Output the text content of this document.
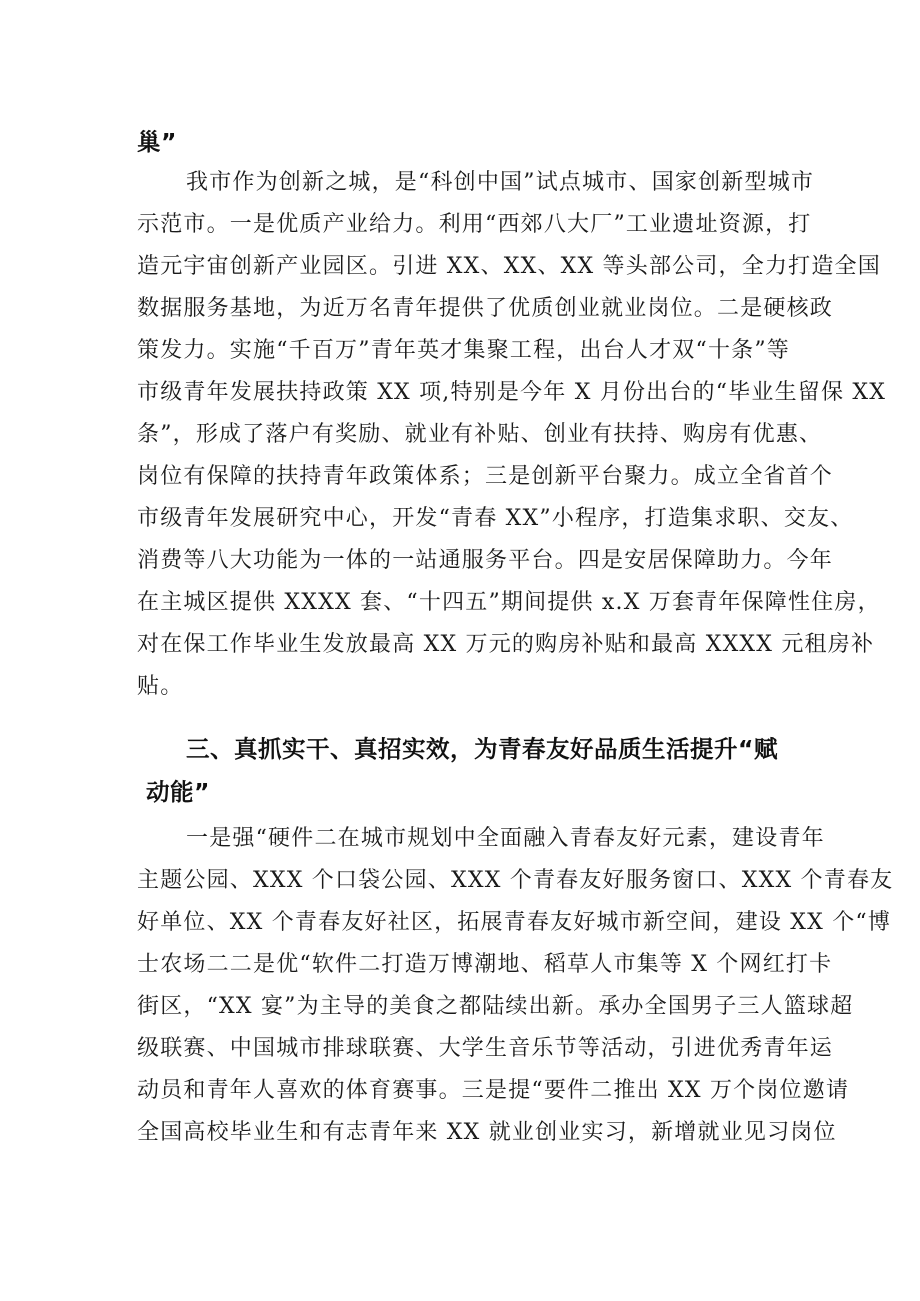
巢”
我市作为创新之城，是“科创中国”试点城市、国家创新型城市
示范市。一是优质产业给力。利用“西郊八大厂”工业遗址资源，打
造元宇宙创新产业园区。引进 XX、XX、XX 等头部公司，全力打造全国
数据服务基地，为近万名青年提供了优质创业就业岗位。二是硬核政
策发力。实施“千百万”青年英才集聚工程，出台人才双“十条”等
市级青年发展扶持政策 XX 项,特别是今年 X 月份出台的“毕业生留保 XX
条”，形成了落户有奖励、就业有补贴、创业有扶持、购房有优惠、
岗位有保障的扶持青年政策体系；三是创新平台聚力。成立全省首个
市级青年发展研究中心，开发“青春 XX”小程序，打造集求职、交友、
消费等八大功能为一体的一站通服务平台。四是安居保障助力。今年
在主城区提供 XXXX 套、“十四五”期间提供 x.X 万套青年保障性住房，
对在保工作毕业生发放最高 XX 万元的购房补贴和最高 XXXX 元租房补
贴。
三、真抓实干、真招实效，为青春友好品质生活提升“赋
动能”
一是强“硬件二在城市规划中全面融入青春友好元素，建设青年
主题公园、XXX 个口袋公园、XXX 个青春友好服务窗口、XXX 个青春友
好单位、XX 个青春友好社区，拓展青春友好城市新空间，建设 XX 个“博
士农场二二是优“软件二打造万博潮地、稻草人市集等 X 个网红打卡
街区，“XX 宴”为主导的美食之都陆续出新。承办全国男子三人篮球超
级联赛、中国城市排球联赛、大学生音乐节等活动，引进优秀青年运
动员和青年人喜欢的体育赛事。三是提“要件二推出 XX 万个岗位邀请
全国高校毕业生和有志青年来 XX 就业创业实习，新增就业见习岗位
